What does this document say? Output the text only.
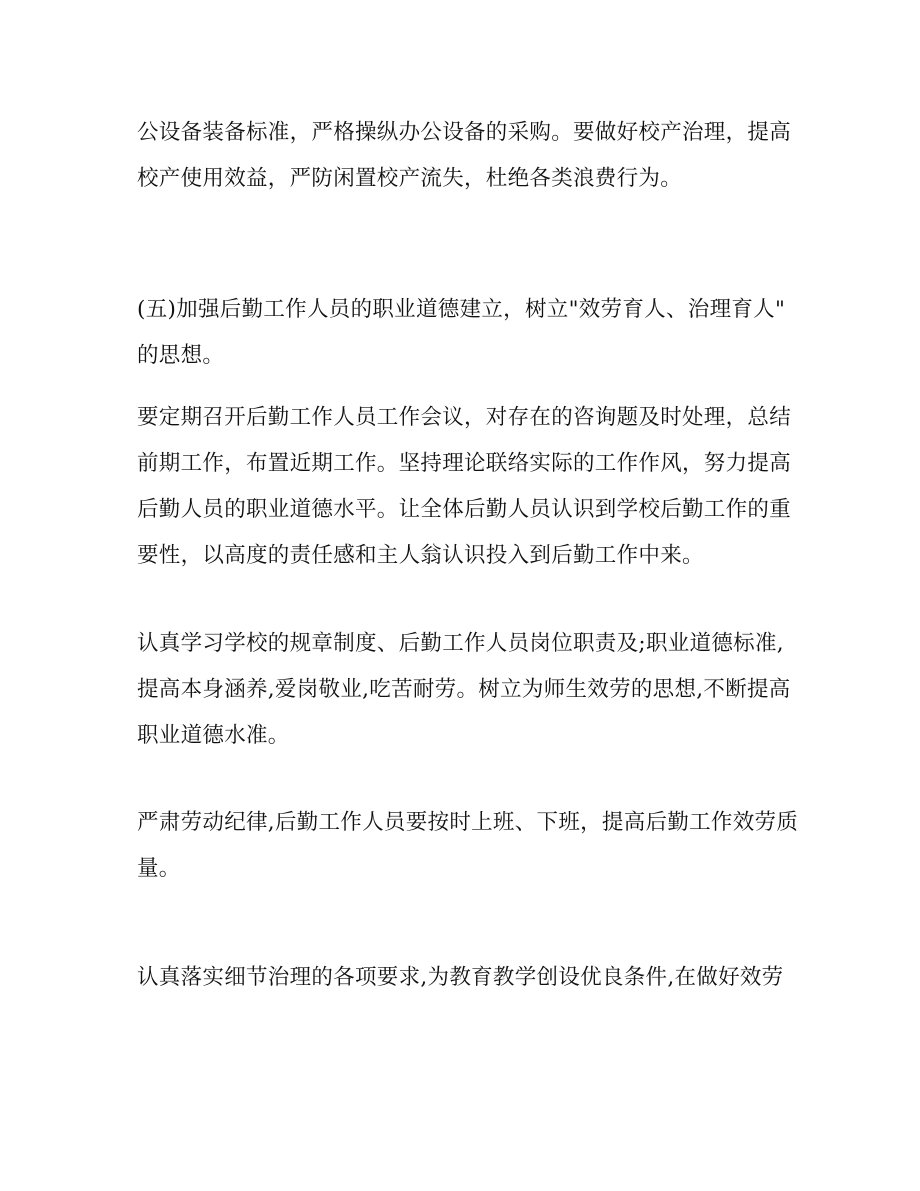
公设备装备标准，严格操纵办公设备的采购。要做好校产治理，提高
校产使用效益，严防闲置校产流失，杜绝各类浪费行为。

(五)加强后勤工作人员的职业道德建立，树立"效劳育人、治理育人"
的思想。

要定期召开后勤工作人员工作会议，对存在的咨询题及时处理，总结
前期工作，布置近期工作。坚持理论联络实际的工作作风，努力提高
后勤人员的职业道德水平。让全体后勤人员认识到学校后勤工作的重
要性，以高度的责任感和主人翁认识投入到后勤工作中来。

认真学习学校的规章制度、后勤工作人员岗位职责及;职业道德标准,
提高本身涵养,爱岗敬业,吃苦耐劳。树立为师生效劳的思想,不断提高
职业道德水准。

严肃劳动纪律,后勤工作人员要按时上班、下班，提高后勤工作效劳质
量。

认真落实细节治理的各项要求,为教育教学创设优良条件,在做好效劳
